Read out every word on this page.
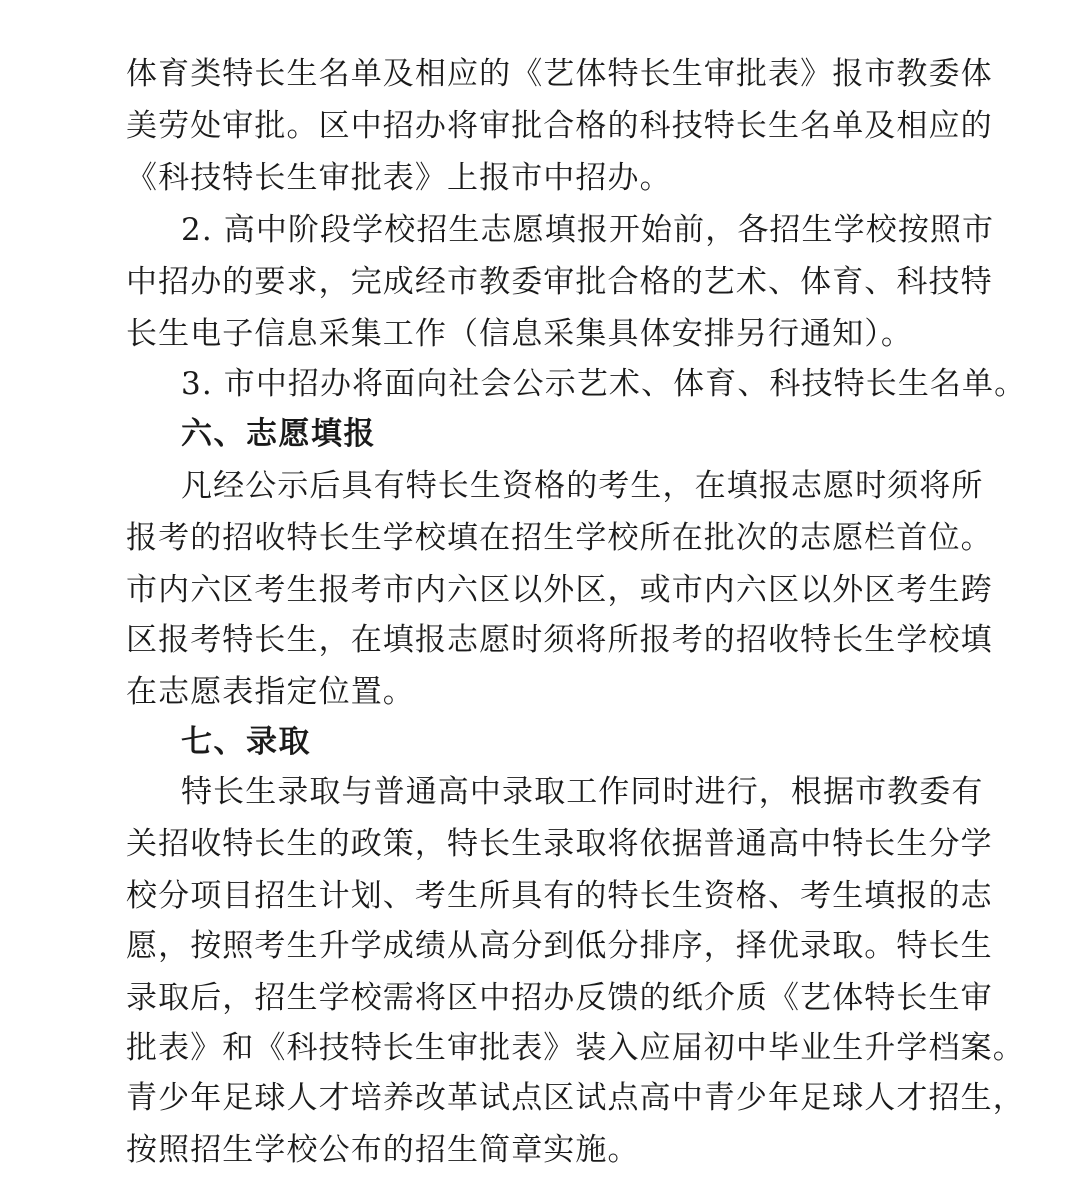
体育类特长生名单及相应的《艺体特长生审批表》报市教委体
美劳处审批。区中招办将审批合格的科技特长生名单及相应的
《科技特长生审批表》上报市中招办。
2. 高中阶段学校招生志愿填报开始前，各招生学校按照市
中招办的要求，完成经市教委审批合格的艺术、体育、科技特
长生电子信息采集工作（信息采集具体安排另行通知）。
3. 市中招办将面向社会公示艺术、体育、科技特长生名单。
六、志愿填报
凡经公示后具有特长生资格的考生，在填报志愿时须将所
报考的招收特长生学校填在招生学校所在批次的志愿栏首位。
市内六区考生报考市内六区以外区，或市内六区以外区考生跨
区报考特长生，在填报志愿时须将所报考的招收特长生学校填
在志愿表指定位置。
七、录取
特长生录取与普通高中录取工作同时进行，根据市教委有
关招收特长生的政策，特长生录取将依据普通高中特长生分学
校分项目招生计划、考生所具有的特长生资格、考生填报的志
愿，按照考生升学成绩从高分到低分排序，择优录取。特长生
录取后，招生学校需将区中招办反馈的纸介质《艺体特长生审
批表》和《科技特长生审批表》装入应届初中毕业生升学档案。
青少年足球人才培养改革试点区试点高中青少年足球人才招生，
按照招生学校公布的招生简章实施。
